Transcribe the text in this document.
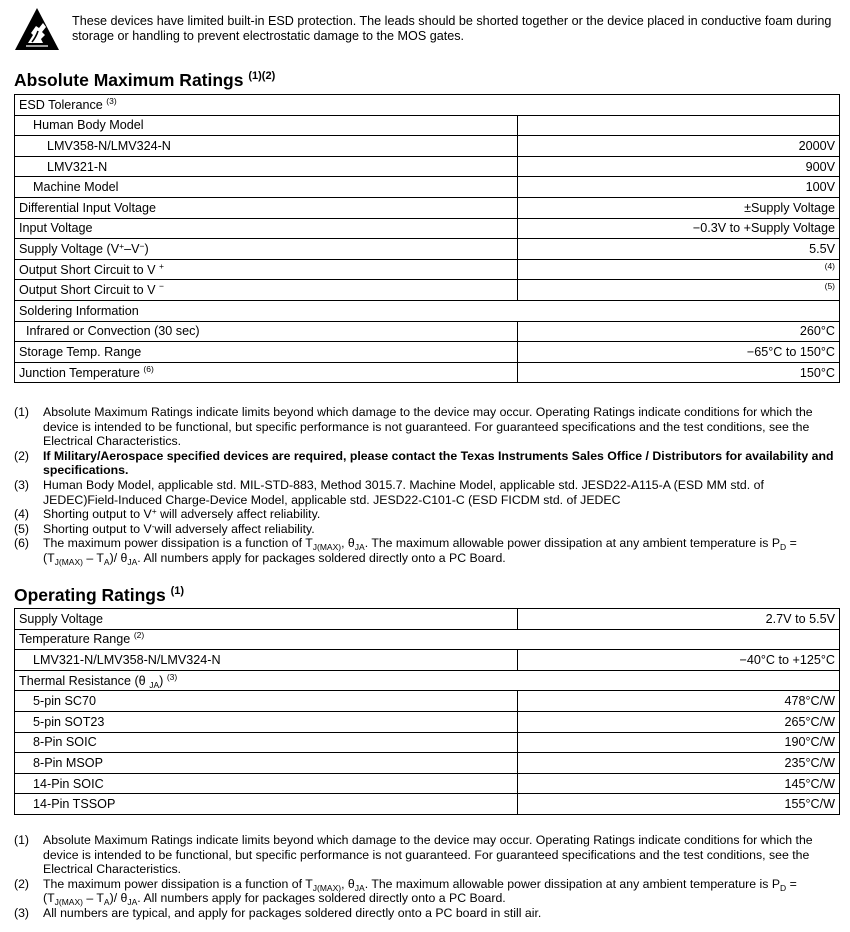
These devices have limited built-in ESD protection. The leads should be shorted together or the device placed in conductive foam during storage or handling to prevent electrostatic damage to the MOS gates.
Absolute Maximum Ratings $^{(1)(2)}$
ESD Tolerance $^{(3)}$
Human Body Model	
LMV358-N/LMV324-N	2000V
LMV321-N	900V
Machine Model	100V
Differential Input Voltage	±Supply Voltage
Input Voltage	−0.3V to +Supply Voltage
Supply Voltage (V+–V−)	5.5V
Output Short Circuit to V +	$^{(4)}$
Output Short Circuit to V −	$^{(5)}$
Soldering Information	
Infrared or Convection (30 sec)	260°C
Storage Temp. Range	−65°C to 150°C
Junction Temperature $^{(6)}$	150°C
(1) Absolute Maximum Ratings indicate limits beyond which damage to the device may occur. Operating Ratings indicate conditions for which the device is intended to be functional, but specific performance is not guaranteed. For guaranteed specifications and the test conditions, see the Electrical Characteristics.
(2) If Military/Aerospace specified devices are required, please contact the Texas Instruments Sales Office / Distributors for availability and specifications.
(3) Human Body Model, applicable std. MIL-STD-883, Method 3015.7. Machine Model, applicable std. JESD22-A115-A (ESD MM std. of JEDEC)Field-Induced Charge-Device Model, applicable std. JESD22-C101-C (ESD FICDM std. of JEDEC
(4) Shorting output to V+ will adversely affect reliability.
(5) Shorting output to V-will adversely affect reliability.
(6) The maximum power dissipation is a function of $T_{J(MAX)}$, $\theta_{JA}$. The maximum allowable power dissipation at any ambient temperature is $P_D = (T_{J(MAX)} - T_A)/$ $\theta_{JA}$. All numbers apply for packages soldered directly onto a PC Board.
Operating Ratings $^{(1)}$
Supply Voltage	2.7V to 5.5V
Temperature Range $^{(2)}$
LMV321-N/LMV358-N/LMV324-N	−40°C to +125°C
Thermal Resistance (θ $_{JA}$) $^{(3)}$
5-pin SC70	478°C/W
5-pin SOT23	265°C/W
8-Pin SOIC	190°C/W
8-Pin MSOP	235°C/W
14-Pin SOIC	145°C/W
14-Pin TSSOP	155°C/W
(1) Absolute Maximum Ratings indicate limits beyond which damage to the device may occur. Operating Ratings indicate conditions for which the device is intended to be functional, but specific performance is not guaranteed. For guaranteed specifications and the test conditions, see the Electrical Characteristics.
(2) The maximum power dissipation is a function of $T_{J(MAX)}$, $\theta_{JA}$. The maximum allowable power dissipation at any ambient temperature is $P_D = (T_{J(MAX)} - T_A)/$ $\theta_{JA}$. All numbers apply for packages soldered directly onto a PC Board.
(3) All numbers are typical, and apply for packages soldered directly onto a PC board in still air.
